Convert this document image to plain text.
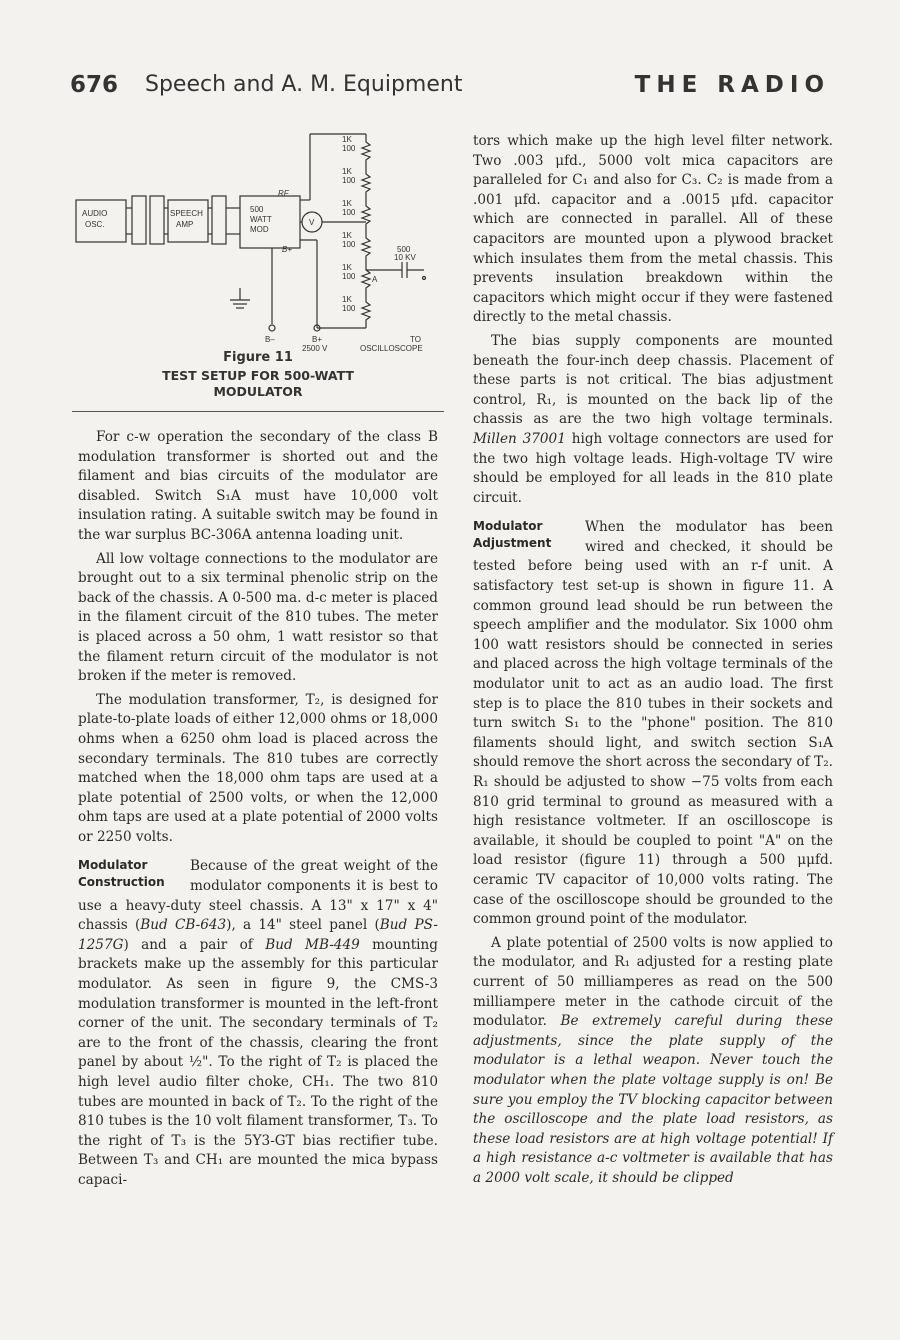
676 Speech and A. M. Equipment	THE RADIO
AUDIO
OSC.
SPEECH
AMP
500
WATT
MOD
V
RF
B+
1K
100
1K
100
1K
100
1K
100
1K
100
1K
100
500
10 KV
A
B–	B+
2500 V
TO
OSCILLOSCOPE
Figure 11
TEST SETUP FOR 500-WATT
MODULATOR

For c-w operation the secondary of the class B modulation transformer is shorted out and the filament and bias circuits of the modulator are disabled. Switch S₁A must have 10,000 volt insulation rating. A suitable switch may be found in the war surplus BC-306A antenna loading unit.

All low voltage connections to the modulator are brought out to a six terminal phenolic strip on the back of the chassis. A 0-500 ma. d-c meter is placed in the filament circuit of the 810 tubes. The meter is placed across a 50 ohm, 1 watt resistor so that the filament return circuit of the modulator is not broken if the meter is removed.

The modulation transformer, T₂, is designed for plate-to-plate loads of either 12,000 ohms or 18,000 ohms when a 6250 ohm load is placed across the secondary terminals. The 810 tubes are correctly matched when the 18,000 ohm taps are used at a plate potential of 2500 volts, or when the 12,000 ohm taps are used at a plate potential of 2000 volts or 2250 volts.

Modulator
Construction

Because of the great weight of the modulator components it is best to use a heavy-duty steel chassis. A 13" x 17" x 4" chassis (Bud CB-643), a 14" steel panel (Bud PS-1257G) and a pair of Bud MB-449 mounting brackets make up the assembly for this particular modulator. As seen in figure 9, the CMS-3 modulation transformer is mounted in the left-front corner of the unit. The secondary terminals of T₂ are to the front of the chassis, clearing the front panel by about ½". To the right of T₂ is placed the high level audio filter choke, CH₁. The two 810 tubes are mounted in back of T₂. To the right of the 810 tubes is the 10 volt filament transformer, T₃. To the right of T₃ is the 5Y3-GT bias rectifier tube. Between T₃ and CH₁ are mounted the mica bypass capaci-

tors which make up the high level filter network. Two .003 μfd., 5000 volt mica capacitors are paralleled for C₁ and also for C₃. C₂ is made from a .001 μfd. capacitor and a .0015 μfd. capacitor which are connected in parallel. All of these capacitors are mounted upon a plywood bracket which insulates them from the metal chassis. This prevents insulation breakdown within the capacitors which might occur if they were fastened directly to the metal chassis.

The bias supply components are mounted beneath the four-inch deep chassis. Placement of these parts is not critical. The bias adjustment control, R₁, is mounted on the back lip of the chassis as are the two high voltage terminals. Millen 37001 high voltage connectors are used for the two high voltage leads. High-voltage TV wire should be employed for all leads in the 810 plate circuit.

Modulator
Adjustment

When the modulator has been wired and checked, it should be tested before being used with an r-f unit. A satisfactory test set-up is shown in figure 11. A common ground lead should be run between the speech amplifier and the modulator. Six 1000 ohm 100 watt resistors should be connected in series and placed across the high voltage terminals of the modulator unit to act as an audio load. The first step is to place the 810 tubes in their sockets and turn switch S₁ to the "phone" position. The 810 filaments should light, and switch section S₁A should remove the short across the secondary of T₂. R₁ should be adjusted to show −75 volts from each 810 grid terminal to ground as measured with a high resistance voltmeter. If an oscilloscope is available, it should be coupled to point "A" on the load resistor (figure 11) through a 500 μμfd. ceramic TV capacitor of 10,000 volts rating. The case of the oscilloscope should be grounded to the common ground point of the modulator.

A plate potential of 2500 volts is now applied to the modulator, and R₁ adjusted for a resting plate current of 50 milliamperes as read on the 500 milliampere meter in the cathode circuit of the modulator. Be extremely careful during these adjustments, since the plate supply of the modulator is a lethal weapon. Never touch the modulator when the plate voltage supply is on! Be sure you employ the TV blocking capacitor between the oscilloscope and the plate load resistors, as these load resistors are at high voltage potential! If a high resistance a-c voltmeter is available that has a 2000 volt scale, it should be clipped
